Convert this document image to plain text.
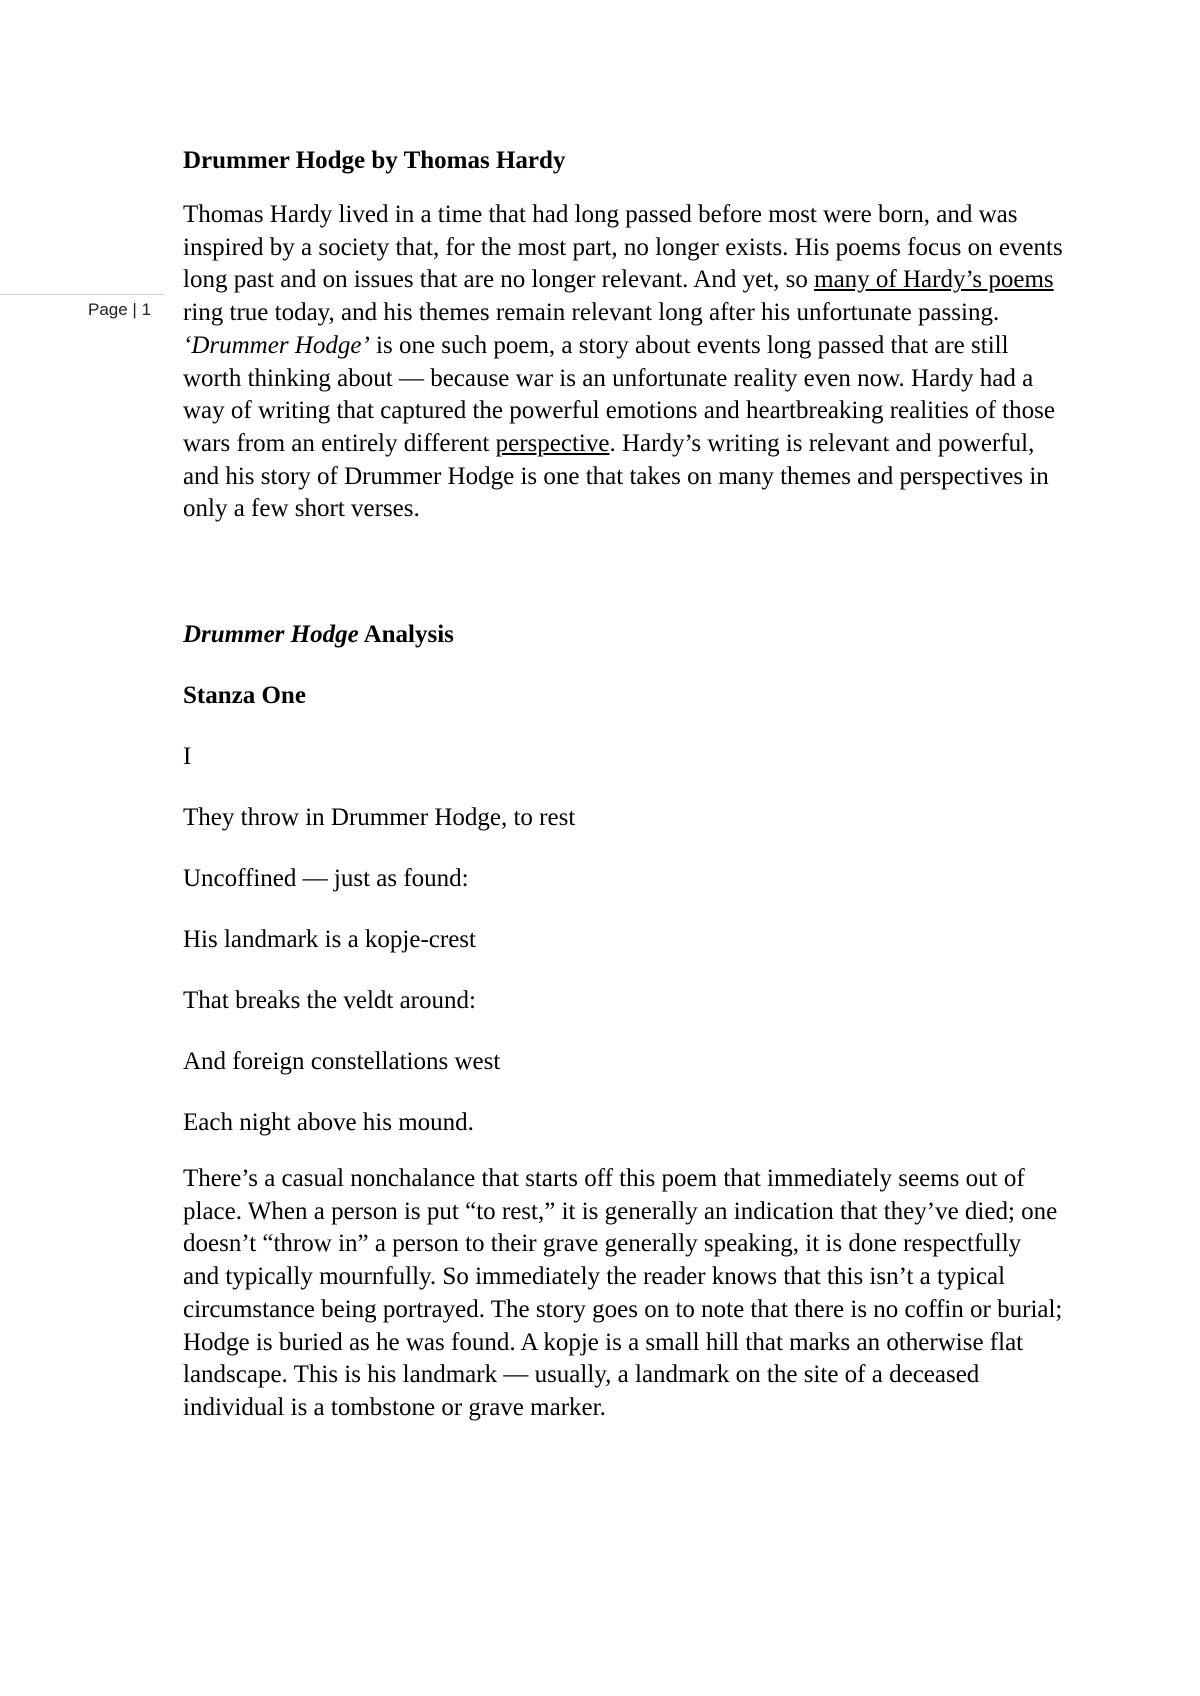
Page | 1

Drummer Hodge by Thomas Hardy

Thomas Hardy lived in a time that had long passed before most were born, and was inspired by a society that, for the most part, no longer exists. His poems focus on events long past and on issues that are no longer relevant. And yet, so many of Hardy’s poems ring true today, and his themes remain relevant long after his unfortunate passing. ‘Drummer Hodge’ is one such poem, a story about events long passed that are still worth thinking about — because war is an unfortunate reality even now. Hardy had a way of writing that captured the powerful emotions and heartbreaking realities of those wars from an entirely different perspective. Hardy’s writing is relevant and powerful, and his story of Drummer Hodge is one that takes on many themes and perspectives in only a few short verses.

Drummer Hodge Analysis

Stanza One

I

They throw in Drummer Hodge, to rest

Uncoffined — just as found:

His landmark is a kopje-crest

That breaks the veldt around:

And foreign constellations west

Each night above his mound.

There’s a casual nonchalance that starts off this poem that immediately seems out of place. When a person is put “to rest,” it is generally an indication that they’ve died; one doesn’t “throw in” a person to their grave generally speaking, it is done respectfully and typically mournfully. So immediately the reader knows that this isn’t a typical circumstance being portrayed. The story goes on to note that there is no coffin or burial; Hodge is buried as he was found. A kopje is a small hill that marks an otherwise flat landscape. This is his landmark — usually, a landmark on the site of a deceased individual is a tombstone or grave marker.
